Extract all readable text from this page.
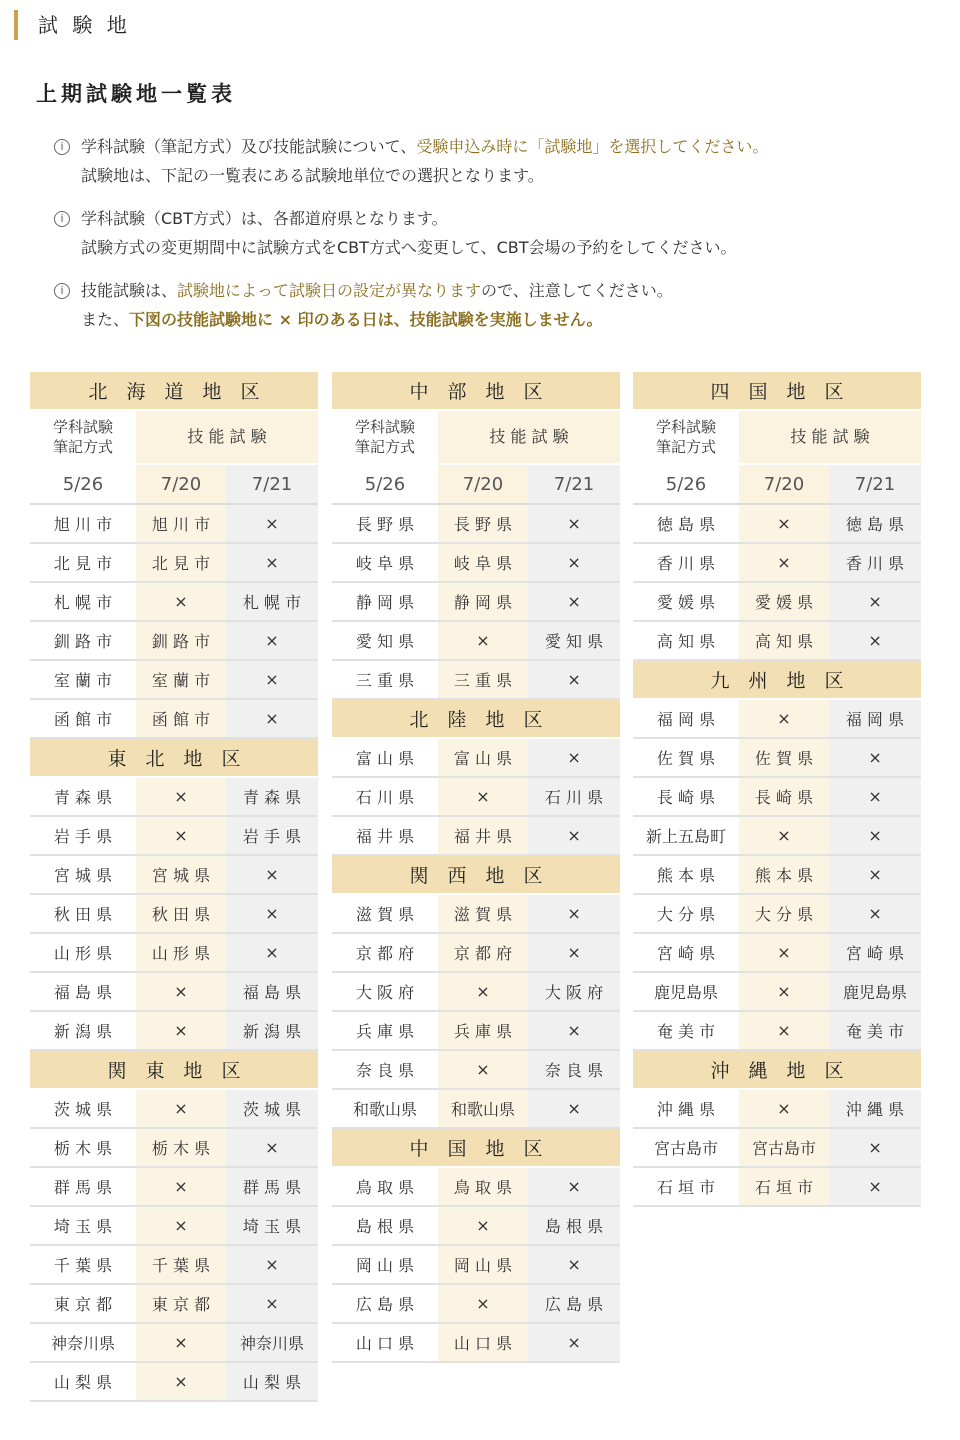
試 験 地
上期試験地一覧表
i	学科試験（筆記方式）及び技能試験について、受験申込み時に「試験地」を選択してください。
試験地は、下記の一覧表にある試験地単位での選択となります。
i	学科試験（CBT方式）は、各都道府県となります。
試験方式の変更期間中に試験方式をCBT方式へ変更して、CBT会場の予約をしてください。
i	技能試験は、試験地によって試験日の設定が異なりますので、注意してください。
また、下図の技能試験地に × 印のある日は、技能試験を実施しません。
北　海　道　地　区		

学科試験
筆記方式	技 能 試 験	
5/26	7/20	7/21
旭 川 市	旭 川 市	×
北 見 市	北 見 市	×
札 幌 市	×	札 幌 市
釧 路 市	釧 路 市	×
室 蘭 市	室 蘭 市	×
函 館 市	函 館 市	×
東　北　地　区		
青 森 県	×	青 森 県
岩 手 県	×	岩 手 県
宮 城 県	宮 城 県	×
秋 田 県	秋 田 県	×
山 形 県	山 形 県	×
福 島 県	×	福 島 県
新 潟 県	×	新 潟 県
関　東　地　区		
茨 城 県	×	茨 城 県
栃 木 県	栃 木 県	×
群 馬 県	×	群 馬 県
埼 玉 県	×	埼 玉 県
千 葉 県	千 葉 県	×
東 京 都	東 京 都	×
神奈川県	×	神奈川県
山 梨 県	×	山 梨 県
中　部　地　区		

学科試験
筆記方式	技 能 試 験	
5/26	7/20	7/21
長 野 県	長 野 県	×
岐 阜 県	岐 阜 県	×
静 岡 県	静 岡 県	×
愛 知 県	×	愛 知 県
三 重 県	三 重 県	×
北　陸　地　区		
富 山 県	富 山 県	×
石 川 県	×	石 川 県
福 井 県	福 井 県	×
関　西　地　区		
滋 賀 県	滋 賀 県	×
京 都 府	京 都 府	×
大 阪 府	×	大 阪 府
兵 庫 県	兵 庫 県	×
奈 良 県	×	奈 良 県
和歌山県	和歌山県	×
中　国　地　区		
鳥 取 県	鳥 取 県	×
島 根 県	×	島 根 県
岡 山 県	岡 山 県	×
広 島 県	×	広 島 県
山 口 県	山 口 県	×
四　国　地　区		

学科試験
筆記方式	技 能 試 験	
5/26	7/20	7/21
徳 島 県	×	徳 島 県
香 川 県	×	香 川 県
愛 媛 県	愛 媛 県	×
高 知 県	高 知 県	×
九　州　地　区		
福 岡 県	×	福 岡 県
佐 賀 県	佐 賀 県	×
長 崎 県	長 崎 県	×
新上五島町	×	×
熊 本 県	熊 本 県	×
大 分 県	大 分 県	×
宮 崎 県	×	宮 崎 県
鹿児島県	×	鹿児島県
奄 美 市	×	奄 美 市
沖　縄　地　区		
沖 縄 県	×	沖 縄 県
宮古島市	宮古島市	×
石 垣 市	石 垣 市	×
